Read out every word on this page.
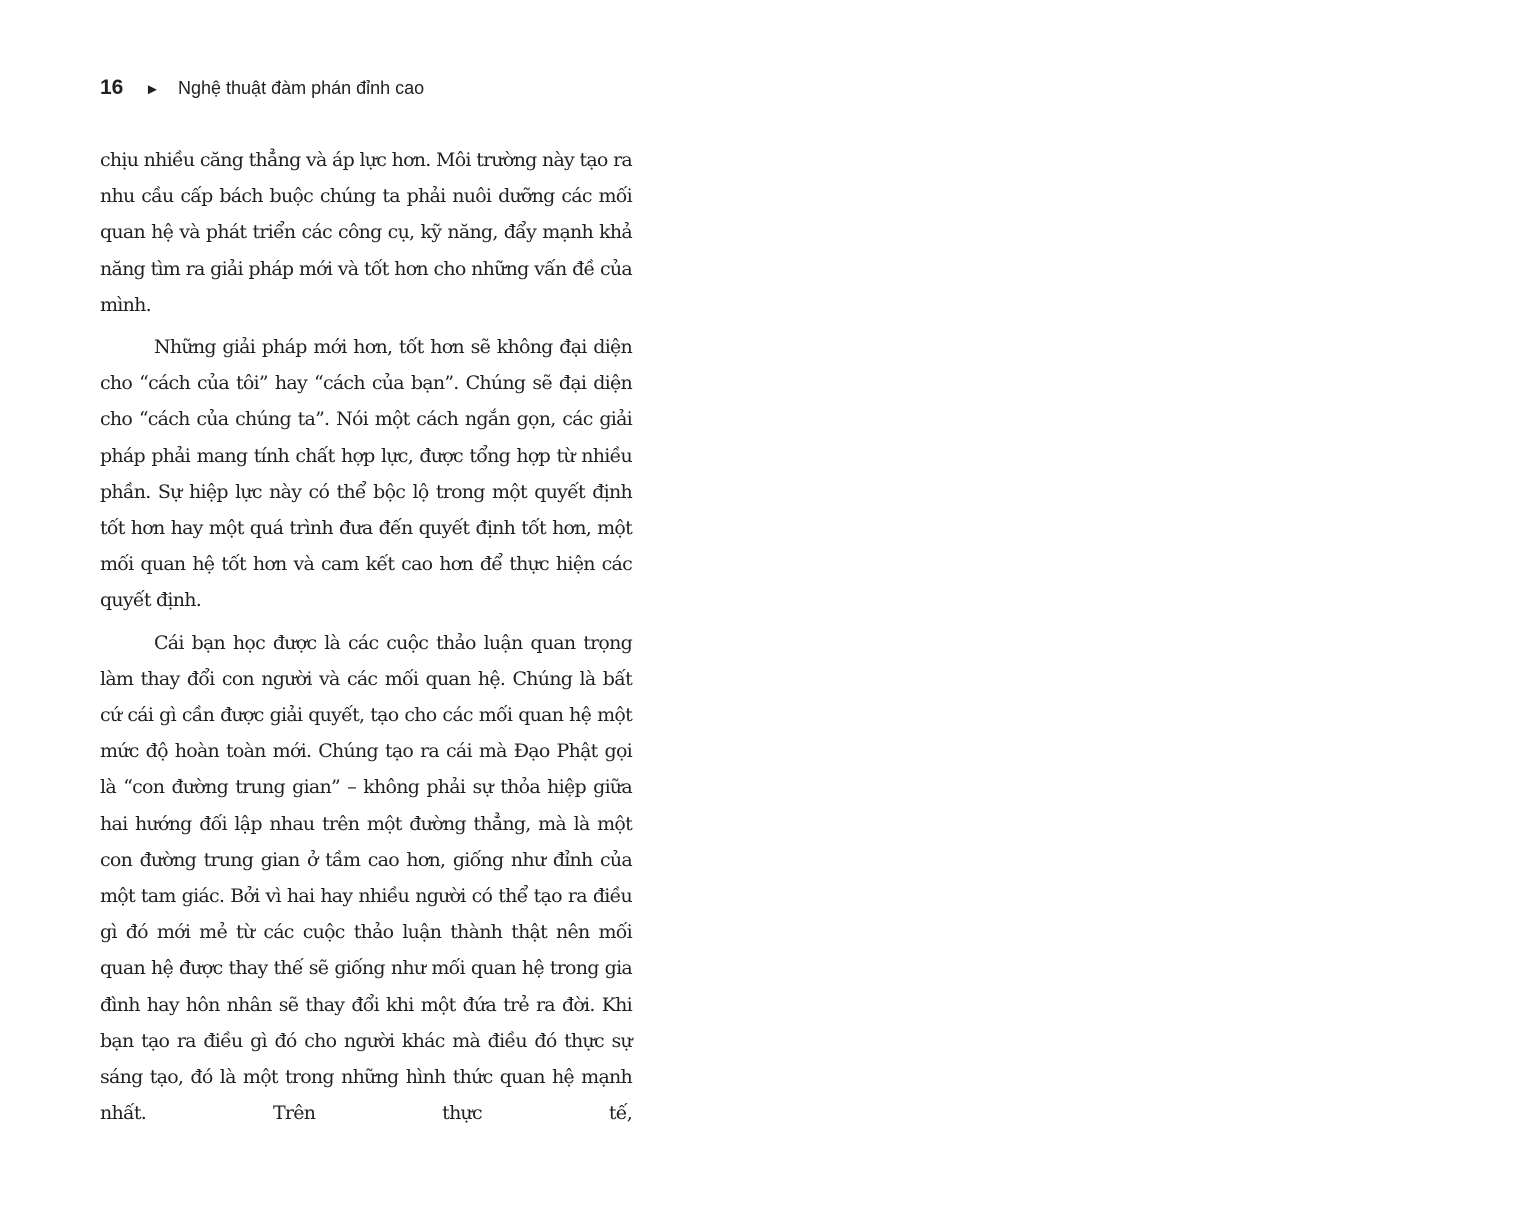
16	►	Nghệ thuật đàm phán đỉnh cao

chịu nhiều căng thẳng và áp lực hơn. Môi trường này tạo ra nhu cầu cấp bách buộc chúng ta phải nuôi dưỡng các mối quan hệ và phát triển các công cụ, kỹ năng, đẩy mạnh khả năng tìm ra giải pháp mới và tốt hơn cho những vấn đề của mình.

Những giải pháp mới hơn, tốt hơn sẽ không đại diện cho “cách của tôi” hay “cách của bạn”. Chúng sẽ đại diện cho “cách của chúng ta”. Nói một cách ngắn gọn, các giải pháp phải mang tính chất hợp lực, được tổng hợp từ nhiều phần. Sự hiệp lực này có thể bộc lộ trong một quyết định tốt hơn hay một quá trình đưa đến quyết định tốt hơn, một mối quan hệ tốt hơn và cam kết cao hơn để thực hiện các quyết định.

Cái bạn học được là các cuộc thảo luận quan trọng làm thay đổi con người và các mối quan hệ. Chúng là bất cứ cái gì cần được giải quyết, tạo cho các mối quan hệ một mức độ hoàn toàn mới. Chúng tạo ra cái mà Đạo Phật gọi là “con đường trung gian” – không phải sự thỏa hiệp giữa hai hướng đối lập nhau trên một đường thẳng, mà là một con đường trung gian ở tầm cao hơn, giống như đỉnh của một tam giác. Bởi vì hai hay nhiều người có thể tạo ra điều gì đó mới mẻ từ các cuộc thảo luận thành thật nên mối quan hệ được thay thế sẽ giống như mối quan hệ trong gia đình hay hôn nhân sẽ thay đổi khi một đứa trẻ ra đời. Khi bạn tạo ra điều gì đó cho người khác mà điều đó thực sự sáng tạo, đó là một trong những hình thức quan hệ mạnh nhất. Trên thực tế,
